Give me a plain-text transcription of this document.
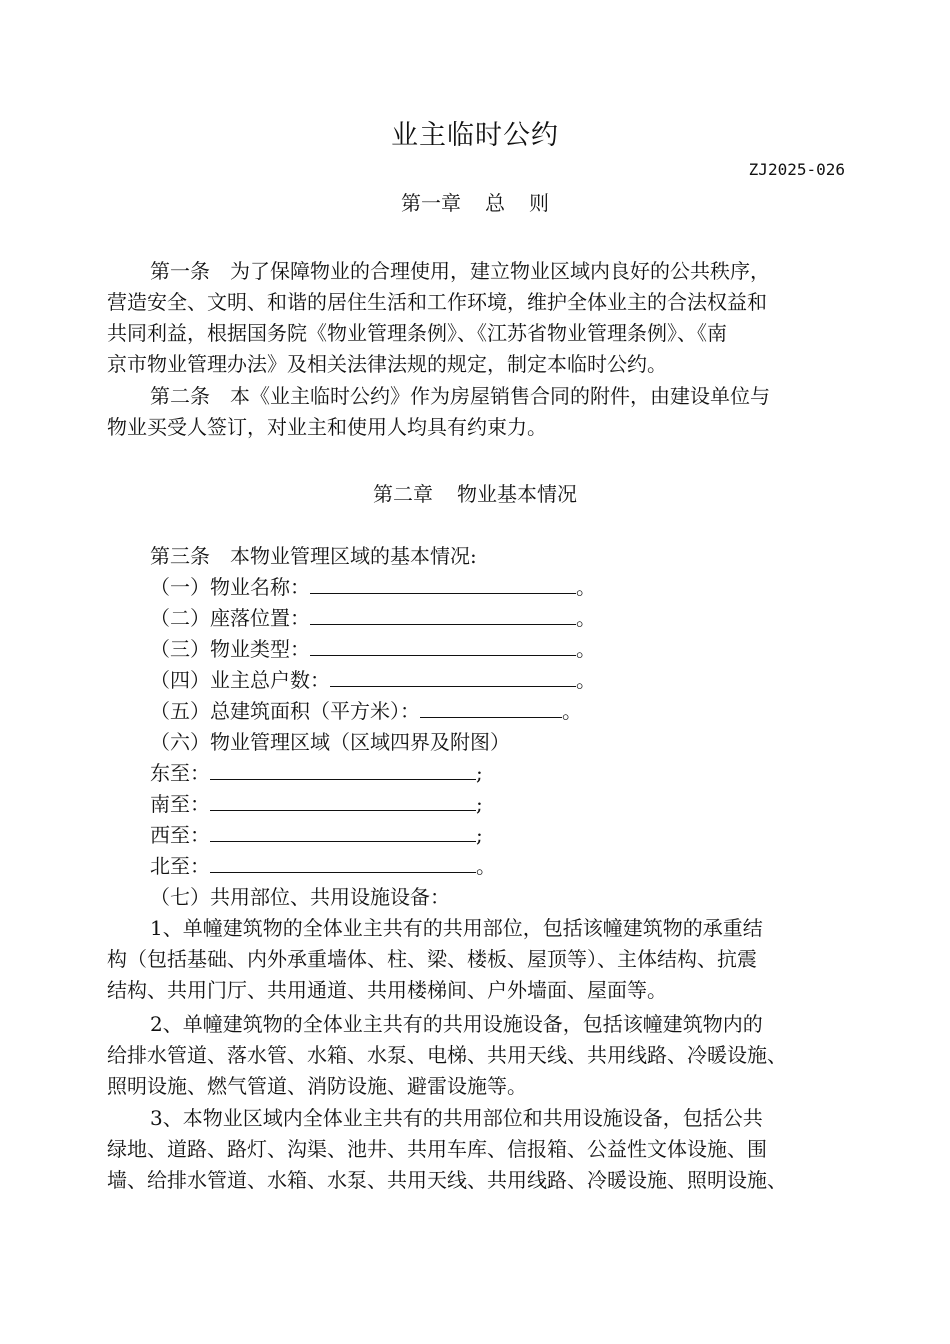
业主临时公约
ZJ2025-026
第一章 总 则
第一条 为了保障物业的合理使用，建立物业区域内良好的公共秩序，
营造安全、文明、和谐的居住生活和工作环境，维护全体业主的合法权益和
共同利益，根据国务院《物业管理条例》、《江苏省物业管理条例》、《南
京市物业管理办法》及相关法律法规的规定，制定本临时公约。
第二条 本《业主临时公约》作为房屋销售合同的附件，由建设单位与
物业买受人签订，对业主和使用人均具有约束力。
第二章 物业基本情况
第三条 本物业管理区域的基本情况:
（一）物业名称：	。
（二）座落位置：	。
（三）物业类型：	。
（四）业主总户数：	。
（五）总建筑面积（平方米）：	。
（六）物业管理区域（区域四界及附图）
东至：	;
南至：	;
西至：	;
北至：	。
（七）共用部位、共用设施设备：
1、单幢建筑物的全体业主共有的共用部位，包括该幢建筑物的承重结
构（包括基础、内外承重墙体、柱、梁、楼板、屋顶等）、主体结构、抗震
结构、共用门厅、共用通道、共用楼梯间、户外墙面、屋面等。
2、单幢建筑物的全体业主共有的共用设施设备，包括该幢建筑物内的
给排水管道、落水管、水箱、水泵、电梯、共用天线、共用线路、冷暖设施、
照明设施、燃气管道、消防设施、避雷设施等。
3、本物业区域内全体业主共有的共用部位和共用设施设备，包括公共
绿地、道路、路灯、沟渠、池井、共用车库、信报箱、公益性文体设施、围
墙、给排水管道、水箱、水泵、共用天线、共用线路、冷暖设施、照明设施、
